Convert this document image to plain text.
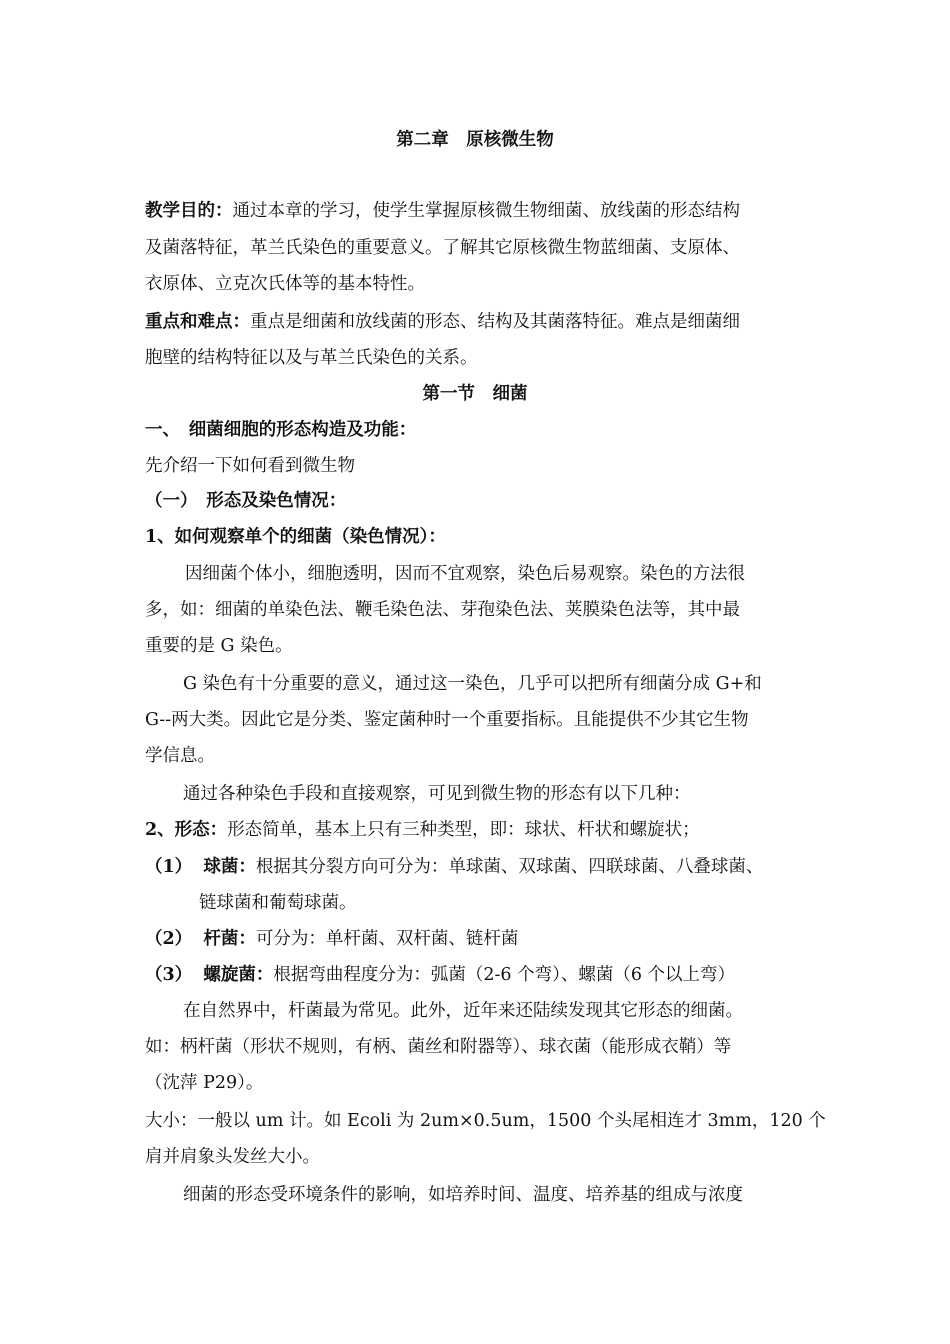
第二章　原核微生物
教学目的：通过本章的学习，使学生掌握原核微生物细菌、放线菌的形态结构
及菌落特征，革兰氏染色的重要意义。了解其它原核微生物蓝细菌、支原体、
衣原体、立克次氏体等的基本特性。
重点和难点：重点是细菌和放线菌的形态、结构及其菌落特征。难点是细菌细
胞壁的结构特征以及与革兰氏染色的关系。
第一节　细菌
一、　细菌细胞的形态构造及功能：
先介绍一下如何看到微生物
（一）　形态及染色情况：
1、如何观察单个的细菌（染色情况）：
因细菌个体小，细胞透明，因而不宜观察，染色后易观察。染色的方法很
多，如：细菌的单染色法、鞭毛染色法、芽孢染色法、荚膜染色法等，其中最
重要的是 G 染色。
G 染色有十分重要的意义，通过这一染色，几乎可以把所有细菌分成 G+和
G--两大类。因此它是分类、鉴定菌种时一个重要指标。且能提供不少其它生物
学信息。
通过各种染色手段和直接观察，可见到微生物的形态有以下几种：
2、形态：形态简单，基本上只有三种类型，即：球状、杆状和螺旋状；
（1） 球菌：根据其分裂方向可分为：单球菌、双球菌、四联球菌、八叠球菌、
链球菌和葡萄球菌。
（2） 杆菌：可分为：单杆菌、双杆菌、链杆菌
（3） 螺旋菌：根据弯曲程度分为：弧菌（2-6 个弯）、螺菌（6 个以上弯）
在自然界中，杆菌最为常见。此外，近年来还陆续发现其它形态的细菌。
如：柄杆菌（形状不规则，有柄、菌丝和附器等）、球衣菌（能形成衣鞘）等
（沈萍 P29）。
大小：一般以 um 计。如 Ecoli 为 2um×0.5um，1500 个头尾相连才 3mm，120 个
肩并肩象头发丝大小。
细菌的形态受环境条件的影响，如培养时间、温度、培养基的组成与浓度
